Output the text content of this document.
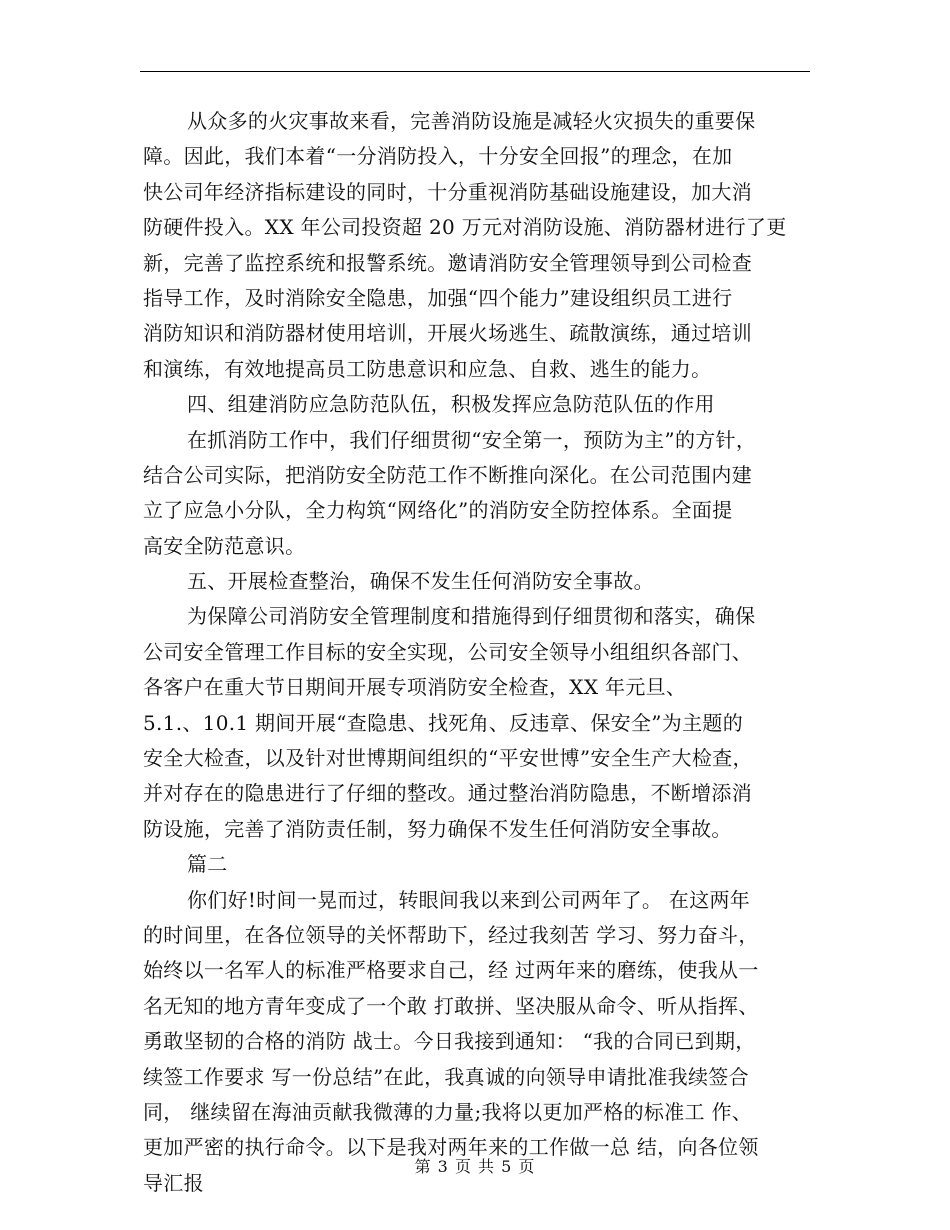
从众多的火灾事故来看，完善消防设施是减轻火灾损失的重要保
障。因此，我们本着“一分消防投入，十分安全回报”的理念，在加
快公司年经济指标建设的同时，十分重视消防基础设施建设，加大消
防硬件投入。XX 年公司投资超 20 万元对消防设施、消防器材进行了更
新，完善了监控系统和报警系统。邀请消防安全管理领导到公司检查
指导工作，及时消除安全隐患，加强“四个能力”建设组织员工进行
消防知识和消防器材使用培训，开展火场逃生、疏散演练，通过培训
和演练，有效地提高员工防患意识和应急、自救、逃生的能力。
四、组建消防应急防范队伍，积极发挥应急防范队伍的作用
在抓消防工作中，我们仔细贯彻“安全第一，预防为主”的方针，
结合公司实际，把消防安全防范工作不断推向深化。在公司范围内建
立了应急小分队，全力构筑“网络化”的消防安全防控体系。全面提
高安全防范意识。
五、开展检查整治，确保不发生任何消防安全事故。
为保障公司消防安全管理制度和措施得到仔细贯彻和落实，确保
公司安全管理工作目标的安全实现，公司安全领导小组组织各部门、
各客户在重大节日期间开展专项消防安全检查，XX 年元旦、
5.1.、10.1 期间开展“查隐患、找死角、反违章、保安全”为主题的
安全大检查，以及针对世博期间组织的“平安世博”安全生产大检查，
并对存在的隐患进行了仔细的整改。通过整治消防隐患，不断增添消
防设施，完善了消防责任制，努力确保不发生任何消防安全事故。
篇二
你们好!时间一晃而过，转眼间我以来到公司两年了。 在这两年
的时间里，在各位领导的关怀帮助下，经过我刻苦 学习、努力奋斗，
始终以一名军人的标准严格要求自己，经 过两年来的磨练，使我从一
名无知的地方青年变成了一个敢 打敢拼、坚决服从命令、听从指挥、
勇敢坚韧的合格的消防 战士。今日我接到通知： “我的合同已到期，
续签工作要求 写一份总结”在此，我真诚的向领导申请批准我续签合
同， 继续留在海油贡献我微薄的力量;我将以更加严格的标准工 作、
更加严密的执行命令。以下是我对两年来的工作做一总 结，向各位领
导汇报
第 3 页 共 5 页
